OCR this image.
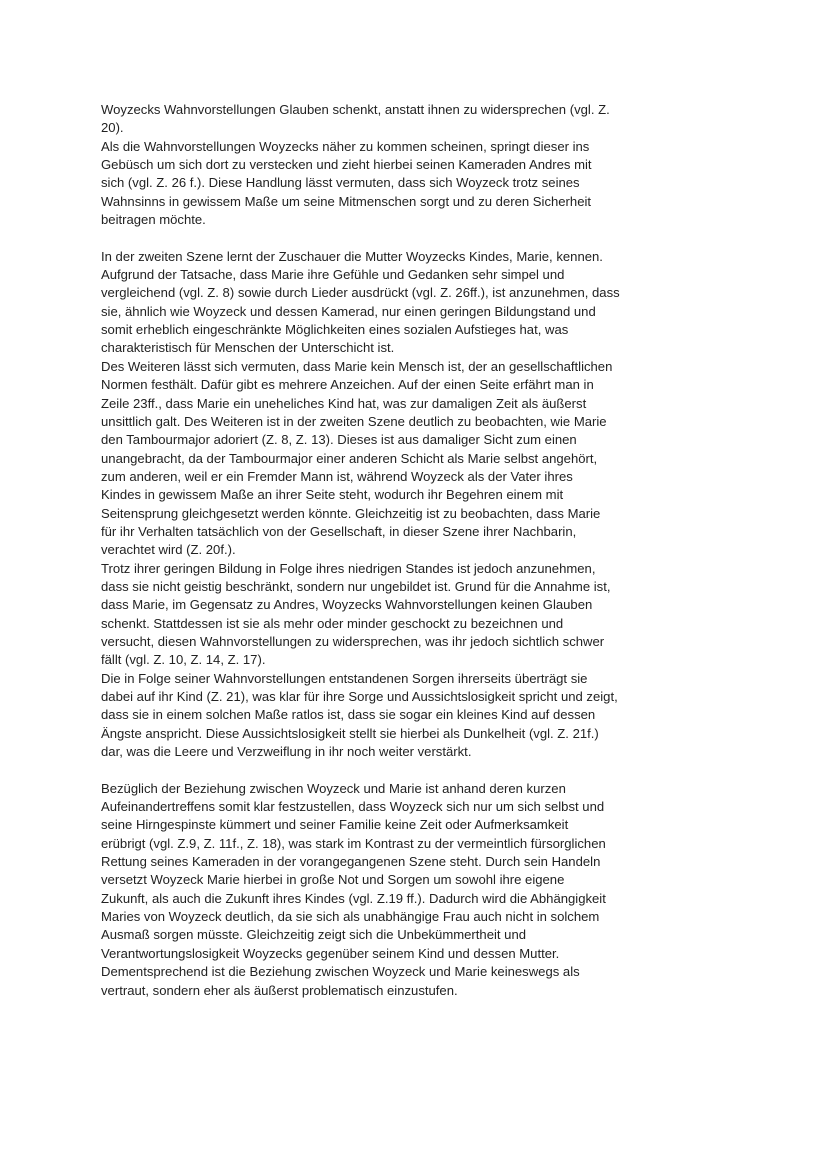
Woyzecks Wahnvorstellungen Glauben schenkt, anstatt ihnen zu widersprechen (vgl. Z.
20).

Als die Wahnvorstellungen Woyzecks näher zu kommen scheinen, springt dieser ins
Gebüsch um sich dort zu verstecken und zieht hierbei seinen Kameraden Andres mit
sich (vgl. Z. 26 f.). Diese Handlung lässt vermuten, dass sich Woyzeck trotz seines
Wahnsinns in gewissem Maße um seine Mitmenschen sorgt und zu deren Sicherheit
beitragen möchte.

In der zweiten Szene lernt der Zuschauer die Mutter Woyzecks Kindes, Marie, kennen.
Aufgrund der Tatsache, dass Marie ihre Gefühle und Gedanken sehr simpel und
vergleichend (vgl. Z. 8) sowie durch Lieder ausdrückt (vgl. Z. 26ff.), ist anzunehmen, dass
sie, ähnlich wie Woyzeck und dessen Kamerad, nur einen geringen Bildungstand und
somit erheblich eingeschränkte Möglichkeiten eines sozialen Aufstieges hat, was
charakteristisch für Menschen der Unterschicht ist.

Des Weiteren lässt sich vermuten, dass Marie kein Mensch ist, der an gesellschaftlichen
Normen festhält. Dafür gibt es mehrere Anzeichen. Auf der einen Seite erfährt man in
Zeile 23ff., dass Marie ein uneheliches Kind hat, was zur damaligen Zeit als äußerst
unsittlich galt. Des Weiteren ist in der zweiten Szene deutlich zu beobachten, wie Marie
den Tambourmajor adoriert (Z. 8, Z. 13). Dieses ist aus damaliger Sicht zum einen
unangebracht, da der Tambourmajor einer anderen Schicht als Marie selbst angehört,
zum anderen, weil er ein Fremder Mann ist, während Woyzeck als der Vater ihres
Kindes in gewissem Maße an ihrer Seite steht, wodurch ihr Begehren einem mit
Seitensprung gleichgesetzt werden könnte. Gleichzeitig ist zu beobachten, dass Marie
für ihr Verhalten tatsächlich von der Gesellschaft, in dieser Szene ihrer Nachbarin,
verachtet wird (Z. 20f.).

Trotz ihrer geringen Bildung in Folge ihres niedrigen Standes ist jedoch anzunehmen,
dass sie nicht geistig beschränkt, sondern nur ungebildet ist. Grund für die Annahme ist,
dass Marie, im Gegensatz zu Andres, Woyzecks Wahnvorstellungen keinen Glauben
schenkt. Stattdessen ist sie als mehr oder minder geschockt zu bezeichnen und
versucht, diesen Wahnvorstellungen zu widersprechen, was ihr jedoch sichtlich schwer
fällt (vgl. Z. 10, Z. 14, Z. 17).

Die in Folge seiner Wahnvorstellungen entstandenen Sorgen ihrerseits überträgt sie
dabei auf ihr Kind (Z. 21), was klar für ihre Sorge und Aussichtslosigkeit spricht und zeigt,
dass sie in einem solchen Maße ratlos ist, dass sie sogar ein kleines Kind auf dessen
Ängste anspricht. Diese Aussichtslosigkeit stellt sie hierbei als Dunkelheit (vgl. Z. 21f.)
dar, was die Leere und Verzweiflung in ihr noch weiter verstärkt.

Bezüglich der Beziehung zwischen Woyzeck und Marie ist anhand deren kurzen
Aufeinandertreffens somit klar festzustellen, dass Woyzeck sich nur um sich selbst und
seine Hirngespinste kümmert und seiner Familie keine Zeit oder Aufmerksamkeit
erübrigt (vgl. Z.9, Z. 11f., Z. 18), was stark im Kontrast zu der vermeintlich fürsorglichen
Rettung seines Kameraden in der vorangegangenen Szene steht. Durch sein Handeln
versetzt Woyzeck Marie hierbei in große Not und Sorgen um sowohl ihre eigene
Zukunft, als auch die Zukunft ihres Kindes (vgl. Z.19 ff.). Dadurch wird die Abhängigkeit
Maries von Woyzeck deutlich, da sie sich als unabhängige Frau auch nicht in solchem
Ausmaß sorgen müsste. Gleichzeitig zeigt sich die Unbekümmertheit und
Verantwortungslosigkeit Woyzecks gegenüber seinem Kind und dessen Mutter.
Dementsprechend ist die Beziehung zwischen Woyzeck und Marie keineswegs als
vertraut, sondern eher als äußerst problematisch einzustufen.
